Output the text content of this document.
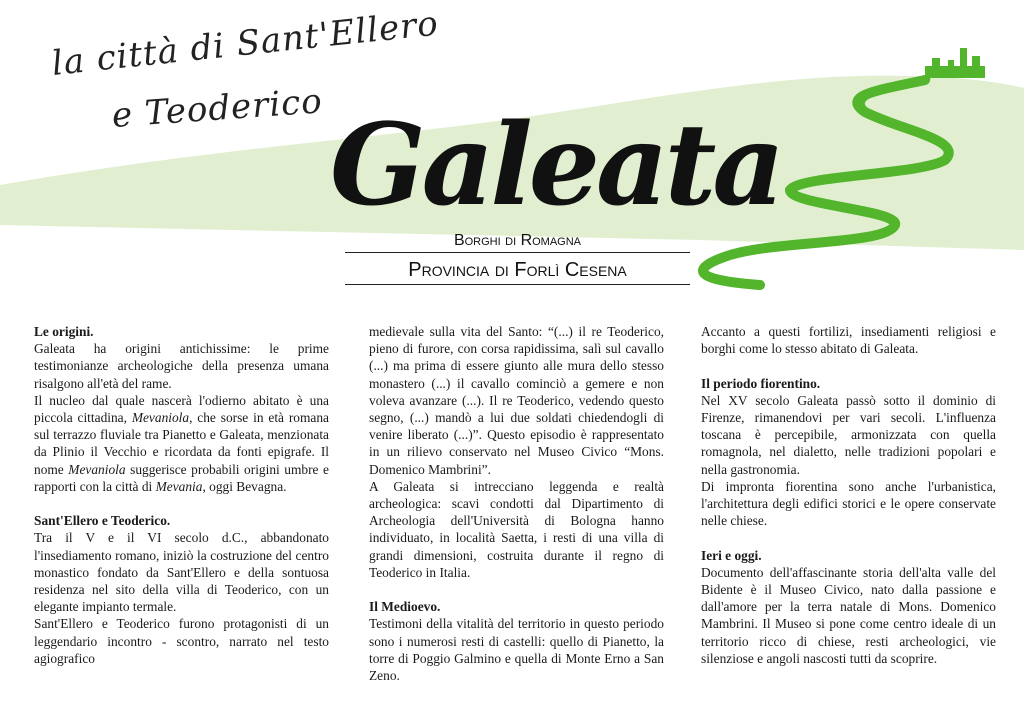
la città di Sant'Ellero
e Teoderico Galeata
Borghi di Romagna
Provincia di Forlì Cesena
Le origini.

Galeata ha origini antichissime: le prime testimonianze archeologiche della presenza umana risalgono all'età del rame.

Il nucleo dal quale nascerà l'odierno abitato è una piccola cittadina, Mevaniola, che sorse in età romana sul terrazzo fluviale tra Pianetto e Galeata, menzionata da Plinio il Vecchio e ricordata da fonti epigrafe. Il nome Mevaniola suggerisce probabili origini umbre e rapporti con la città di Mevania, oggi Bevagna.

Sant'Ellero e Teoderico.

Tra il V e il VI secolo d.C., abbandonato l'insediamento romano, iniziò la costruzione del centro monastico fondato da Sant'Ellero e della sontuosa residenza nel sito della villa di Teoderico, con un elegante impianto termale.

Sant'Ellero e Teoderico furono protagonisti di un leggendario incontro - scontro, narrato nel testo agiografico

medievale sulla vita del Santo: “(...) il re Teoderico, pieno di furore, con corsa rapidissima, salì sul cavallo (...) ma prima di essere giunto alle mura dello stesso monastero (...) il cavallo cominciò a gemere e non voleva avanzare (...). Il re Teoderico, vedendo questo segno, (...) mandò a lui due soldati chiedendogli di venire liberato (...)”. Questo episodio è rappresentato in un rilievo conservato nel Museo Civico “Mons. Domenico Mambrini”.

A Galeata si intrecciano leggenda e realtà archeologica: scavi condotti dal Dipartimento di Archeologia dell'Università di Bologna hanno individuato, in località Saetta, i resti di una villa di grandi dimensioni, costruita durante il regno di Teoderico in Italia.

Il Medioevo.

Testimoni della vitalità del territorio in questo periodo sono i numerosi resti di castelli: quello di Pianetto, la torre di Poggio Galmino e quella di Monte Erno a San Zeno.

Accanto a questi fortilizi, insediamenti religiosi e borghi come lo stesso abitato di Galeata.

Il periodo fiorentino.

Nel XV secolo Galeata passò sotto il dominio di Firenze, rimanendovi per vari secoli. L'influenza toscana è percepibile, armonizzata con quella romagnola, nel dialetto, nelle tradizioni popolari e nella gastronomia.

Di impronta fiorentina sono anche l'urbanistica, l'architettura degli edifici storici e le opere conservate nelle chiese.

Ieri e oggi.

Documento dell'affascinante storia dell'alta valle del Bidente è il Museo Civico, nato dalla passione e dall'amore per la terra natale di Mons. Domenico Mambrini. Il Museo si pone come centro ideale di un territorio ricco di chiese, resti archeologici, vie silenziose e angoli nascosti tutti da scoprire.
